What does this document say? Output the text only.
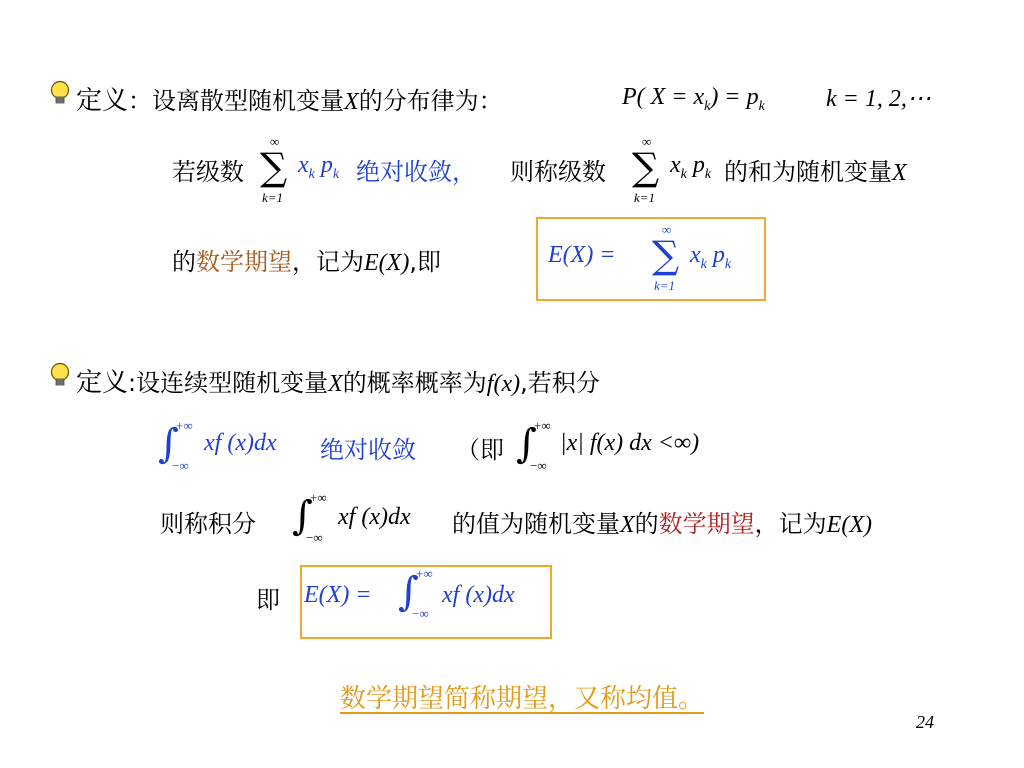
定义：设离散型随机变量X的分布律为：	P( $X = x_k) = p_k$	k = 1, 2,⋯
若级数
∞
∑
k=1
$x_k$ $p_k$ 绝对收敛， 则称级数
∞
∑
k=1
$x_k$ $p_k$ 的和为随机变量X
的数学期望，记为E(X),即	E(X) =
∞
∑
k=1
$x_k$ $p_k$
定义:设连续型随机变量X的概率概率为f(x),若积分
∫
+∞
−∞
xf (x)dx 绝对收敛 （即 ∫
+∞
−∞
|x| f(x) dx <∞)
则称积分 ∫
+∞
−∞
xf (x)dx 的值为随机变量X的数学期望，记为E(X)
即 E(X) = ∫
+∞
−∞
xf (x)dx
数学期望简称期望，又称均值。
24
